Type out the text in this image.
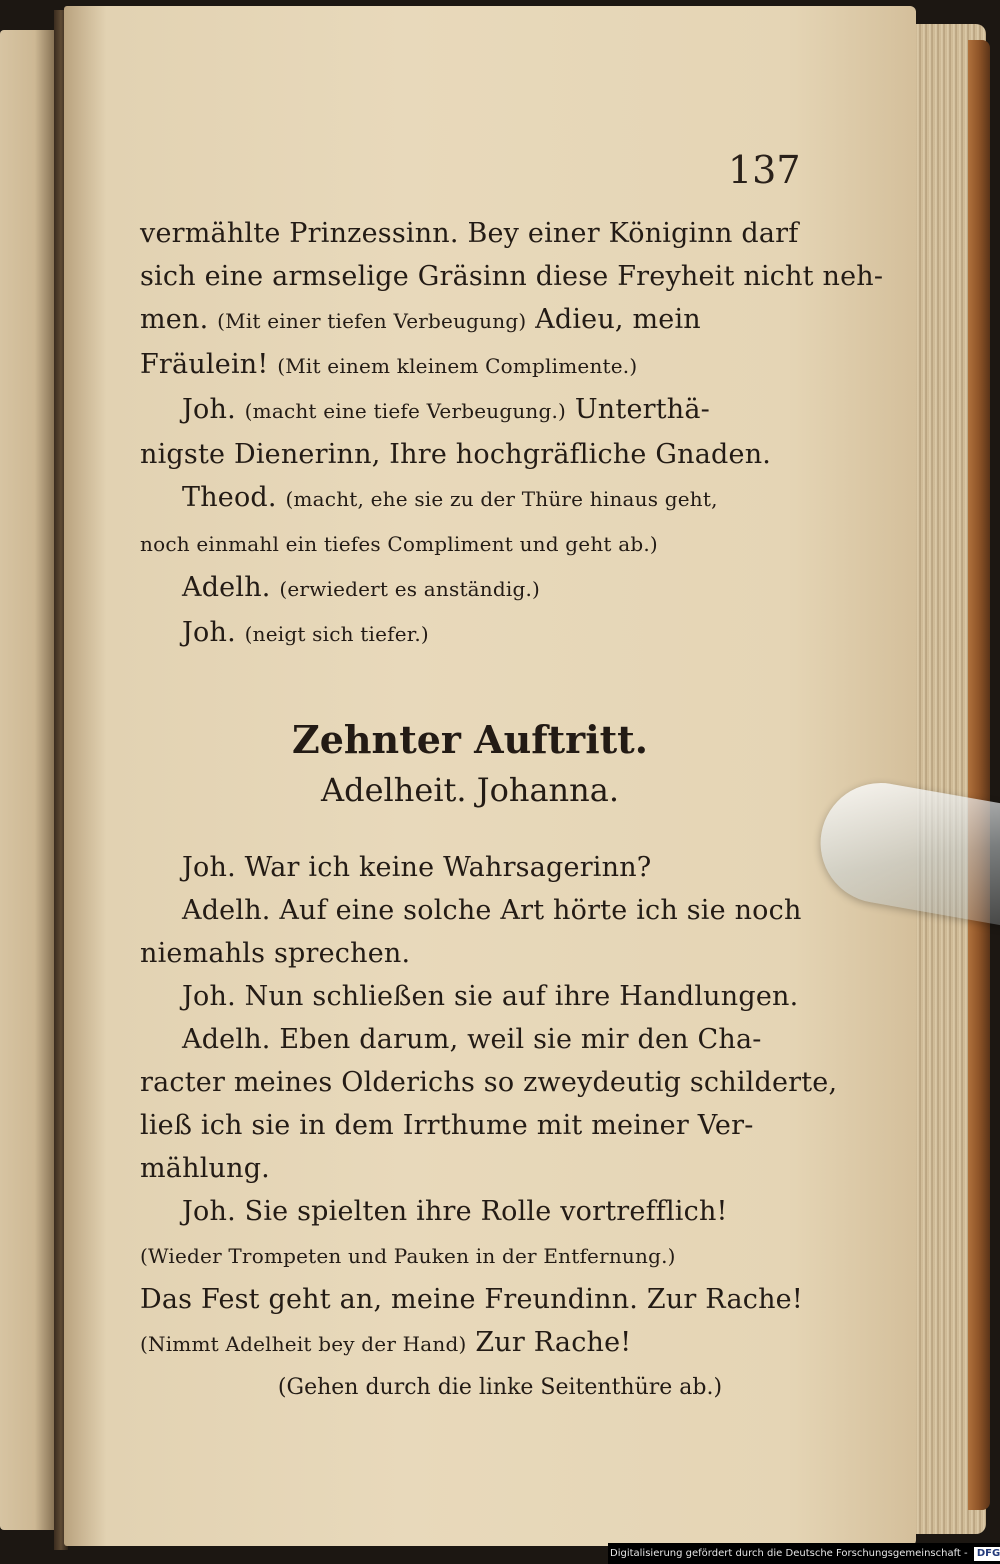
137
vermählte Prinzessinn. Bey einer Königinn darf
sich eine armselige Gräsinn diese Freyheit nicht neh-
men. (Mit einer tiefen Verbeugung) Adieu, mein
Fräulein! (Mit einem kleinem Complimente.)
Joh. (macht eine tiefe Verbeugung.) Unterthä-
nigste Dienerinn, Ihre hochgräfliche Gnaden.
Theod. (macht, ehe sie zu der Thüre hinaus geht,
noch einmahl ein tiefes Compliment und geht ab.)
Adelh. (erwiedert es anständig.)
Joh. (neigt sich tiefer.)
Zehnter Auftritt.
Adelheit. Johanna.
Joh. War ich keine Wahrsagerinn?
Adelh. Auf eine solche Art hörte ich sie noch
niemahls sprechen.
Joh. Nun schließen sie auf ihre Handlungen.
Adelh. Eben darum, weil sie mir den Cha-
racter meines Olderichs so zweydeutig schilderte,
ließ ich sie in dem Irrthume mit meiner Ver-
mählung.
Joh. Sie spielten ihre Rolle vortrefflich!
(Wieder Trompeten und Pauken in der Entfernung.)
Das Fest geht an, meine Freundinn. Zur Rache!
(Nimmt Adelheit bey der Hand) Zur Rache!
(Gehen durch die linke Seitenthüre ab.)
Digitalisierung gefördert durch die Deutsche Forschungsgemeinschaft - DFG
